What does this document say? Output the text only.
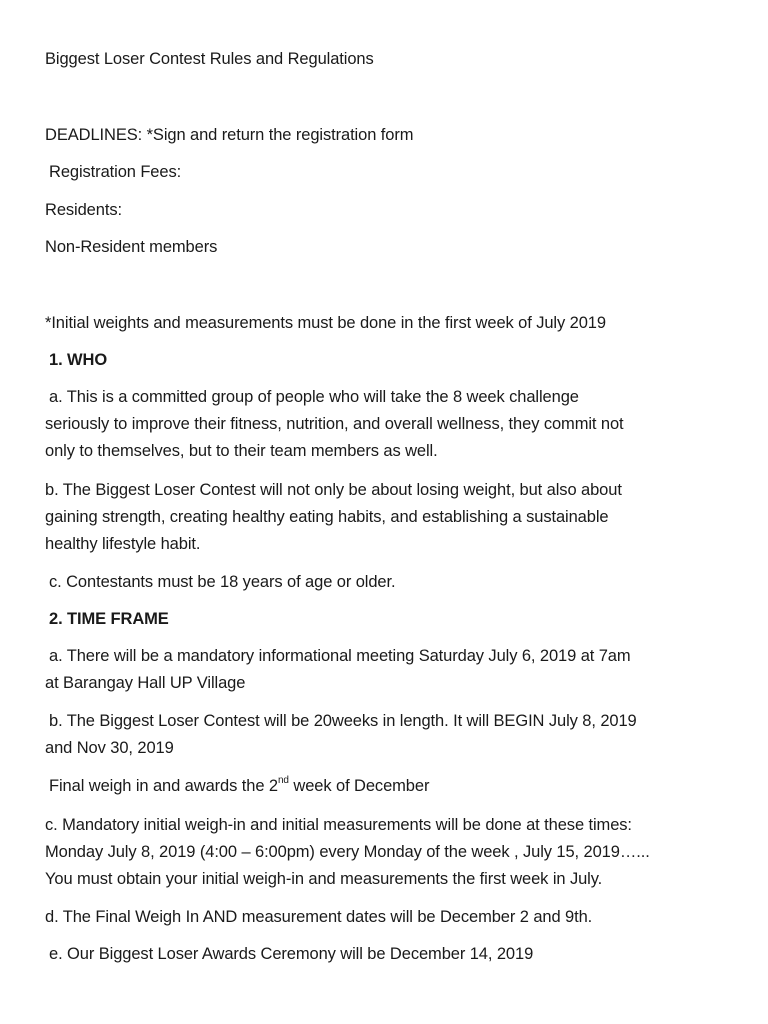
Biggest Loser Contest Rules and Regulations
DEADLINES: *Sign and return the registration form
Registration Fees:
Residents:
Non-Resident members
*Initial weights and measurements must be done in the first week of July 2019
1. WHO
a. This is a committed group of people who will take the 8 week challenge
seriously to improve their fitness, nutrition, and overall wellness, they commit not
only to themselves, but to their team members as well.
b. The Biggest Loser Contest will not only be about losing weight, but also about
gaining strength, creating healthy eating habits, and establishing a sustainable
healthy lifestyle habit.
c. Contestants must be 18 years of age or older.
2. TIME FRAME
a. There will be a mandatory informational meeting Saturday July 6, 2019 at 7am
at Barangay Hall UP Village
b. The Biggest Loser Contest will be 20weeks in length. It will BEGIN July 8, 2019
and Nov 30, 2019
Final weigh in and awards the 2nd week of December
c. Mandatory initial weigh-in and initial measurements will be done at these times:
Monday July 8, 2019 (4:00 – 6:00pm) every Monday of the week , July 15, 2019…...
You must obtain your initial weigh-in and measurements the first week in July.
d. The Final Weigh In AND measurement dates will be December 2 and 9th.
e. Our Biggest Loser Awards Ceremony will be December 14, 2019
